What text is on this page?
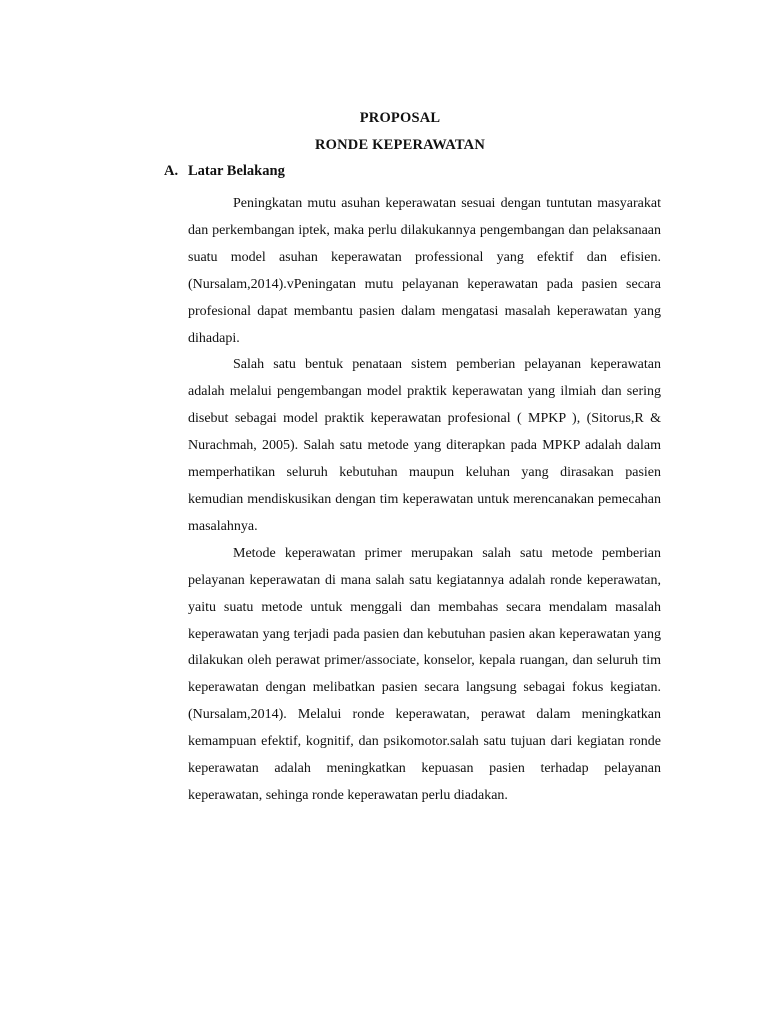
PROPOSAL
RONDE KEPERAWATAN
A. Latar Belakang

Peningkatan mutu asuhan keperawatan sesuai dengan tuntutan masyarakat dan perkembangan iptek, maka perlu dilakukannya pengembangan dan pelaksanaan suatu model asuhan keperawatan professional yang efektif dan efisien.(Nursalam,2014).vPeningatan mutu pelayanan keperawatan pada pasien secara profesional dapat membantu pasien dalam mengatasi masalah keperawatan yang dihadapi.

Salah satu bentuk penataan sistem pemberian pelayanan keperawatan adalah melalui pengembangan model praktik keperawatan yang ilmiah dan sering disebut sebagai model praktik keperawatan profesional ( MPKP ), (Sitorus,R & Nurachmah, 2005). Salah satu metode yang diterapkan pada MPKP adalah dalam memperhatikan seluruh kebutuhan maupun keluhan yang dirasakan pasien kemudian mendiskusikan dengan tim keperawatan untuk merencanakan pemecahan masalahnya.

Metode keperawatan primer merupakan salah satu metode pemberian pelayanan keperawatan di mana salah satu kegiatannya adalah ronde keperawatan, yaitu suatu metode untuk menggali dan membahas secara mendalam masalah keperawatan yang terjadi pada pasien dan kebutuhan pasien akan keperawatan yang dilakukan oleh perawat primer/associate, konselor, kepala ruangan, dan seluruh tim keperawatan dengan melibatkan pasien secara langsung sebagai fokus kegiatan.(Nursalam,2014). Melalui ronde keperawatan, perawat dalam meningkatkan kemampuan efektif, kognitif, dan psikomotor.salah satu tujuan dari kegiatan ronde keperawatan adalah meningkatkan kepuasan pasien terhadap pelayanan keperawatan, sehinga ronde keperawatan perlu diadakan.
